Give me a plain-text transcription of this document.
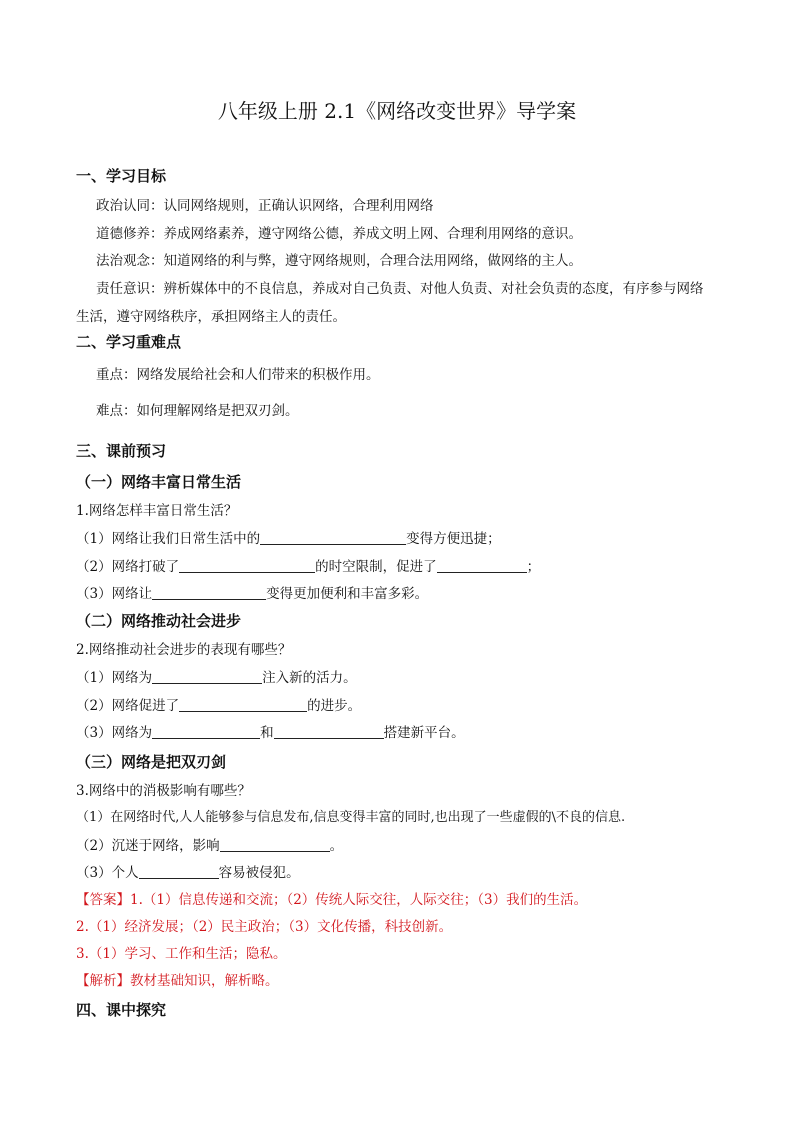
八年级上册 2.1《网络改变世界》导学案
一、学习目标
政治认同：认同网络规则，正确认识网络，合理利用网络
道德修养：养成网络素养，遵守网络公德，养成文明上网、合理利用网络的意识。
法治观念：知道网络的利与弊，遵守网络规则，合理合法用网络，做网络的主人。
责任意识：辨析媒体中的不良信息，养成对自己负责、对他人负责、对社会负责的态度，有序参与网络生活，遵守网络秩序，承担网络主人的责任。
二、学习重难点
重点：网络发展给社会和人们带来的积极作用。
难点：如何理解网络是把双刃剑。
三、课前预习
（一）网络丰富日常生活
1.网络怎样丰富日常生活？
（1）网络让我们日常生活中的	变得方便迅捷；
（2）网络打破了	的时空限制，促进了	；
（3）网络让	变得更加便利和丰富多彩。
（二）网络推动社会进步
2.网络推动社会进步的表现有哪些？
（1）网络为	注入新的活力。
（2）网络促进了	的进步。
（3）网络为	和	搭建新平台。
（三）网络是把双刃剑
3.网络中的消极影响有哪些？
（1）在网络时代,人人能够参与信息发布,信息变得丰富的同时,也出现了一些虚假的\不良的信息.
（2）沉迷于网络，影响	。
（3）个人	容易被侵犯。
【答案】1.（1）信息传递和交流；（2）传统人际交往，人际交往；（3）我们的生活。
2.（1）经济发展；（2）民主政治；（3）文化传播，科技创新。
3.（1）学习、工作和生活；隐私。
【解析】教材基础知识，解析略。
四、课中探究
